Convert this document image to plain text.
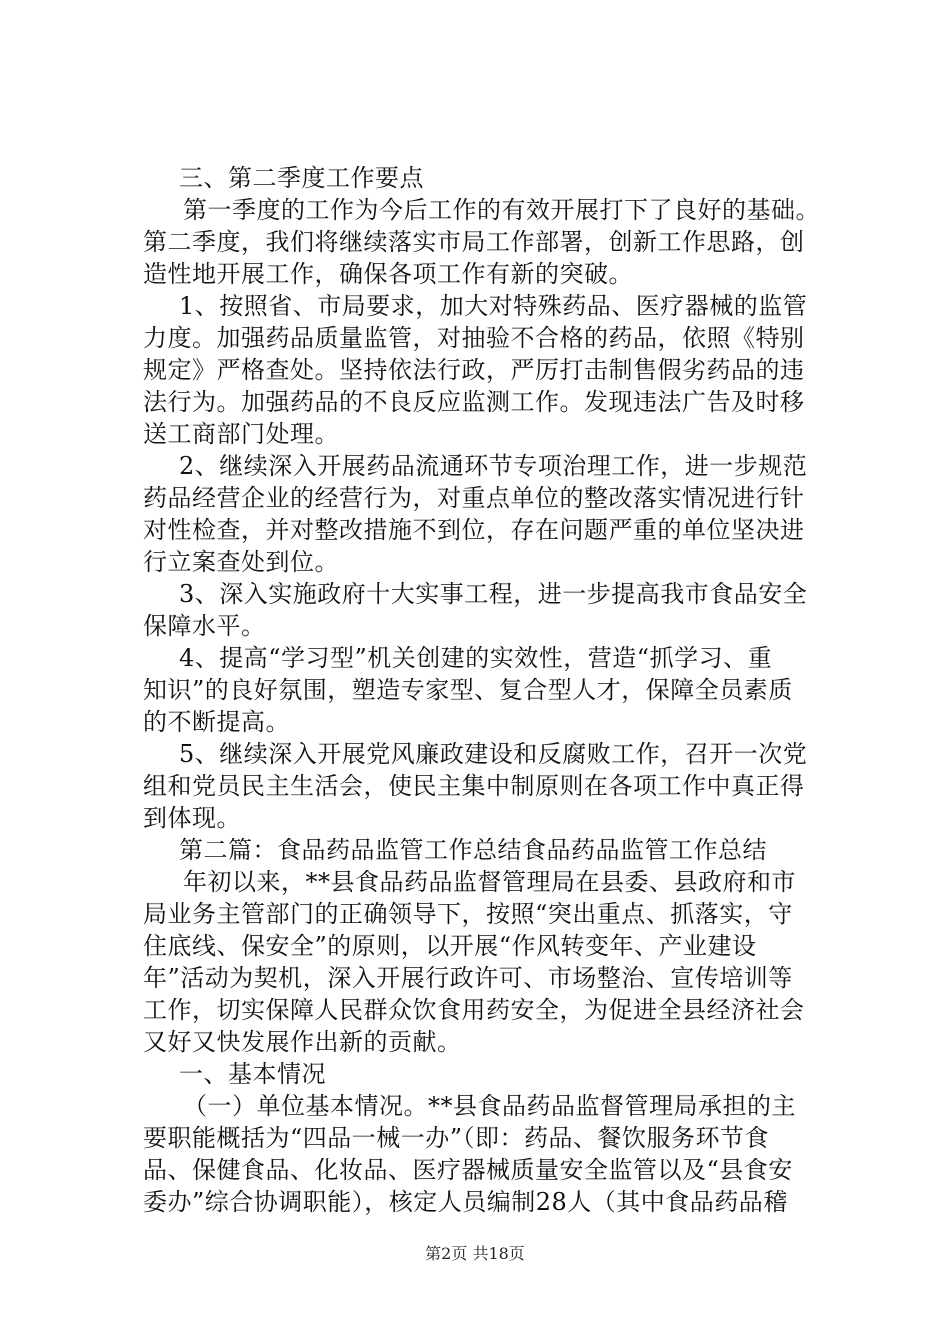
三、第二季度工作要点
第一季度的工作为今后工作的有效开展打下了良好的基础。
第二季度，我们将继续落实市局工作部署，创新工作思路，创
造性地开展工作，确保各项工作有新的突破。
1、按照省、市局要求，加大对特殊药品、医疗器械的监管
力度。加强药品质量监管，对抽验不合格的药品，依照《特别
规定》严格查处。坚持依法行政，严厉打击制售假劣药品的违
法行为。加强药品的不良反应监测工作。发现违法广告及时移
送工商部门处理。
2、继续深入开展药品流通环节专项治理工作，进一步规范
药品经营企业的经营行为，对重点单位的整改落实情况进行针
对性检查，并对整改措施不到位，存在问题严重的单位坚决进
行立案查处到位。
3、深入实施政府十大实事工程，进一步提高我市食品安全
保障水平。
4、提高“学习型”机关创建的实效性，营造“抓学习、重
知识”的良好氛围，塑造专家型、复合型人才，保障全员素质
的不断提高。
5、继续深入开展党风廉政建设和反腐败工作，召开一次党
组和党员民主生活会，使民主集中制原则在各项工作中真正得
到体现。
第二篇：食品药品监管工作总结食品药品监管工作总结
年初以来，**县食品药品监督管理局在县委、县政府和市
局业务主管部门的正确领导下，按照“突出重点、抓落实，守
住底线、保安全”的原则，以开展“作风转变年、产业建设
年”活动为契机，深入开展行政许可、市场整治、宣传培训等
工作，切实保障人民群众饮食用药安全，为促进全县经济社会
又好又快发展作出新的贡献。
一、基本情况
（一）单位基本情况。**县食品药品监督管理局承担的主
要职能概括为“四品一械一办”（即：药品、餐饮服务环节食
品、保健食品、化妆品、医疗器械质量安全监管以及“县食安
委办”综合协调职能），核定人员编制28人（其中食品药品稽
第2页 共18页
